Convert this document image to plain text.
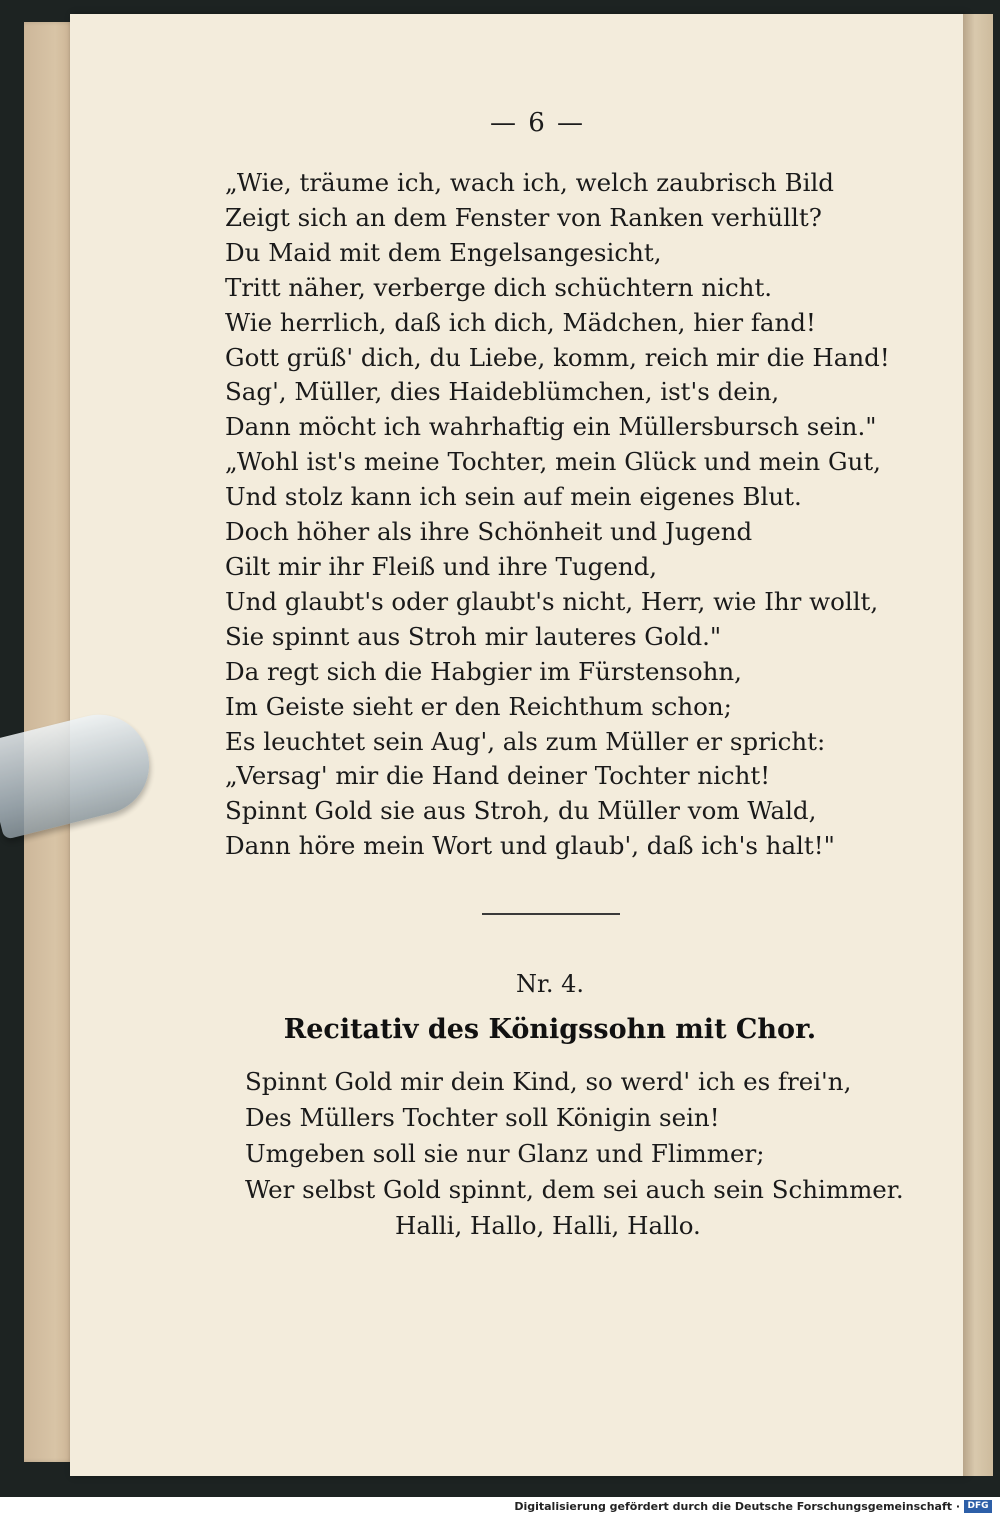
— 6 —
„Wie, träume ich, wach ich, welch zaubrisch Bild
Zeigt sich an dem Fenster von Ranken verhüllt?
Du Maid mit dem Engelsangesicht,
Tritt näher, verberge dich schüchtern nicht.
Wie herrlich, daß ich dich, Mädchen, hier fand!
Gott grüß' dich, du Liebe, komm, reich mir die Hand!
Sag', Müller, dies Haideblümchen, ist's dein,
Dann möcht ich wahrhaftig ein Müllersbursch sein."
„Wohl ist's meine Tochter, mein Glück und mein Gut,
Und stolz kann ich sein auf mein eigenes Blut.
Doch höher als ihre Schönheit und Jugend
Gilt mir ihr Fleiß und ihre Tugend,
Und glaubt's oder glaubt's nicht, Herr, wie Ihr wollt,
Sie spinnt aus Stroh mir lauteres Gold."
Da regt sich die Habgier im Fürstensohn,
Im Geiste sieht er den Reichthum schon;
Es leuchtet sein Aug', als zum Müller er spricht:
„Versag' mir die Hand deiner Tochter nicht!
Spinnt Gold sie aus Stroh, du Müller vom Wald,
Dann höre mein Wort und glaub', daß ich's halt!"
Nr. 4.
Recitativ des Königssohn mit Chor.
Spinnt Gold mir dein Kind, so werd' ich es frei'n,
Des Müllers Tochter soll Königin sein!
Umgeben soll sie nur Glanz und Flimmer;
Wer selbst Gold spinnt, dem sei auch sein Schimmer.
Halli, Hallo, Halli, Hallo.
Digitalisierung gefördert durch die Deutsche Forschungsgemeinschaft · DFG
